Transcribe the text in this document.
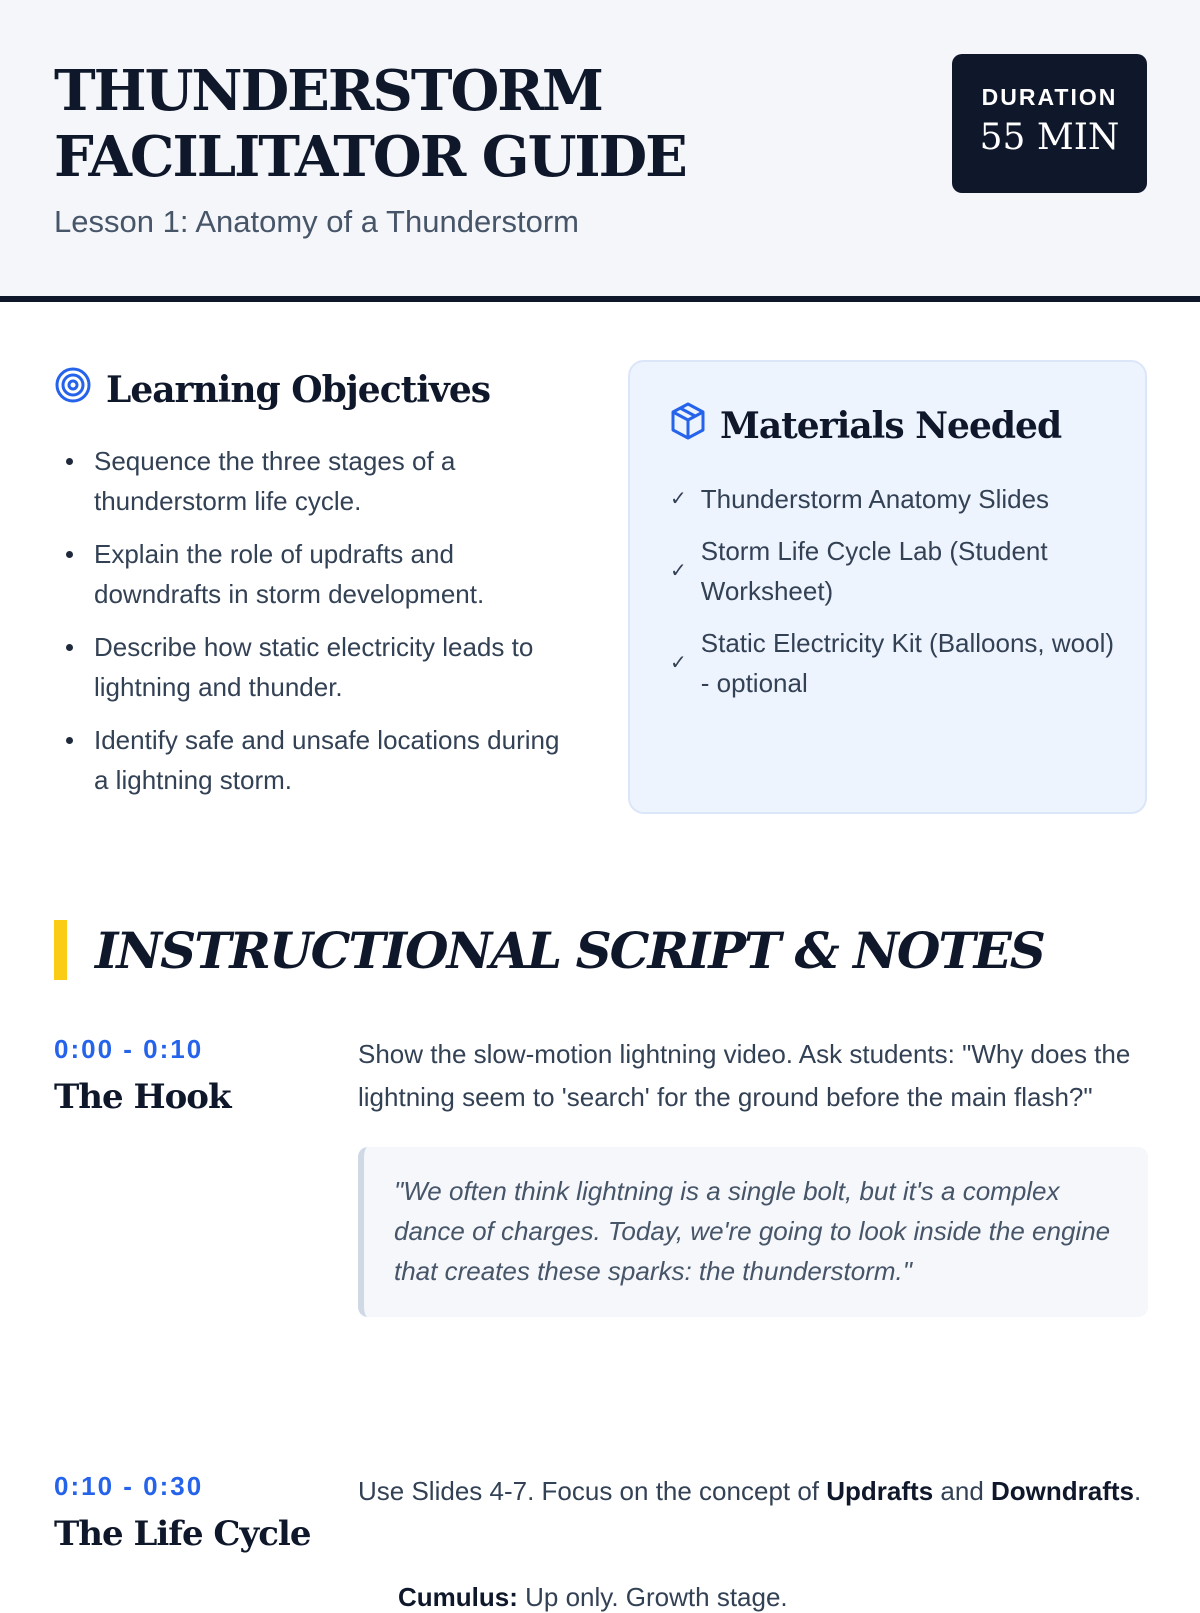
THUNDERSTORM FACILITATOR GUIDE

Lesson 1: Anatomy of a Thunderstorm

DURATION
55 MIN
Learning Objectives
Sequence the three stages of a thunderstorm life cycle.
Explain the role of updrafts and downdrafts in storm development.
Describe how static electricity leads to lightning and thunder.
Identify safe and unsafe locations during a lightning storm.
Materials Needed
✓ Thunderstorm Anatomy Slides
✓
Storm Life Cycle Lab (Student Worksheet)
✓
Static Electricity Kit (Balloons, wool) - optional
INSTRUCTIONAL SCRIPT & NOTES
0:00 - 0:10
The Hook
Show the slow-motion lightning video. Ask students: "Why does the lightning seem to 'search' for the ground before the main flash?"
"We often think lightning is a single bolt, but it's a complex dance of charges. Today, we're going to look inside the engine that creates these sparks: the thunderstorm."
0:10 - 0:30
The Life Cycle
Use Slides 4-7. Focus on the concept of Updrafts and Downdrafts.
Cumulus: Up only. Growth stage.
